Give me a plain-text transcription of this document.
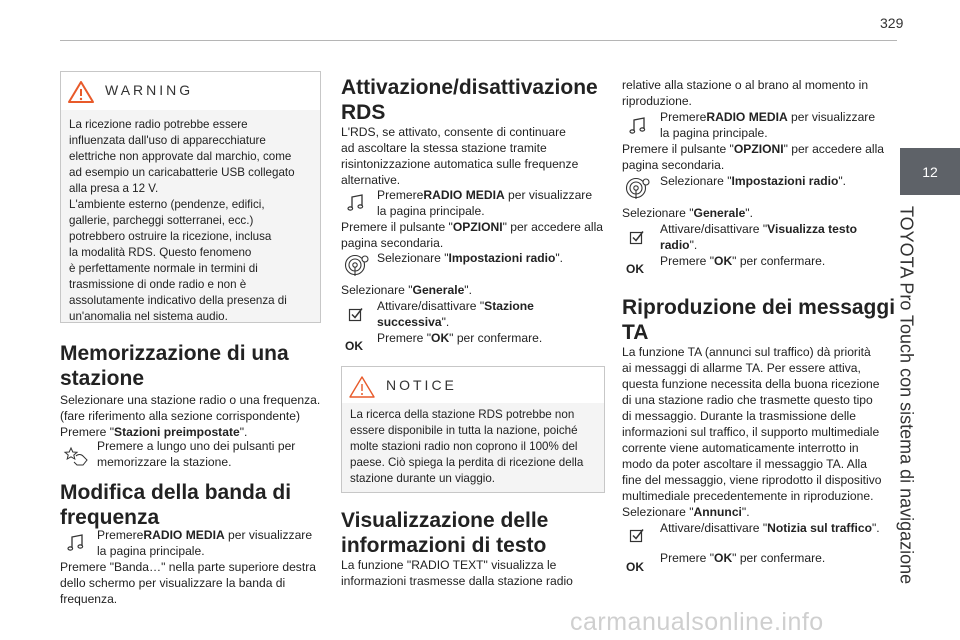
329
12
TOYOTA Pro Touch con sistema di navigazione
WARNING
La ricezione radio potrebbe essere
influenzata dall'uso di apparecchiature
elettriche non approvate dal marchio, come
ad esempio un caricabatterie USB collegato
alla presa a 12 V.
L'ambiente esterno (pendenze, edifici,
gallerie, parcheggi sotterranei, ecc.)
potrebbero ostruire la ricezione, inclusa
la modalità RDS. Questo fenomeno
è perfettamente normale in termini di
trasmissione di onde radio e non è
assolutamente indicativo della presenza di
un'anomalia nel sistema audio.
Memorizzazione di una
stazione
Selezionare una stazione radio o una frequenza.
(fare riferimento alla sezione corrispondente)
Premere "Stazioni preimpostate".
Premere a lungo uno dei pulsanti per
memorizzare la stazione.
Modifica della banda di
frequenza
PremereRADIO MEDIA per visualizzare
la pagina principale.
Premere "Banda…" nella parte superiore destra
dello schermo per visualizzare la banda di
frequenza.
Attivazione/disattivazione
RDS
L'RDS, se attivato, consente di continuare
ad ascoltare la stessa stazione tramite
risintonizzazione automatica sulle frequenze
alternative.
PremereRADIO MEDIA per visualizzare
la pagina principale.
Premere il pulsante "OPZIONI" per accedere alla
pagina secondaria.
Selezionare "Impostazioni radio".
Selezionare "Generale".
Attivare/disattivare "Stazione
successiva".
OK
Premere "OK" per confermare.
NOTICE
La ricerca della stazione RDS potrebbe non
essere disponibile in tutta la nazione, poiché
molte stazioni radio non coprono il 100% del
paese. Ciò spiega la perdita di ricezione della
stazione durante un viaggio.
Visualizzazione delle
informazioni di testo
La funzione "RADIO TEXT" visualizza le
informazioni trasmesse dalla stazione radio
relative alla stazione o al brano al momento in
riproduzione.
PremereRADIO MEDIA per visualizzare
la pagina principale.
Premere il pulsante "OPZIONI" per accedere alla
pagina secondaria.
Selezionare "Impostazioni radio".
Selezionare "Generale".
Attivare/disattivare "Visualizza testo
radio".
OK
Premere "OK" per confermare.
Riproduzione dei messaggi
TA
La funzione TA (annunci sul traffico) dà priorità
ai messaggi di allarme TA. Per essere attiva,
questa funzione necessita della buona ricezione
di una stazione radio che trasmette questo tipo
di messaggio. Durante la trasmissione delle
informazioni sul traffico, il supporto multimediale
corrente viene automaticamente interrotto in
modo da poter ascoltare il messaggio TA. Alla
fine del messaggio, viene riprodotto il dispositivo
multimediale precedentemente in riproduzione.
Selezionare "Annunci".
Attivare/disattivare "Notizia sul traffico".
OK
Premere "OK" per confermare.
carmanualsonline.info
